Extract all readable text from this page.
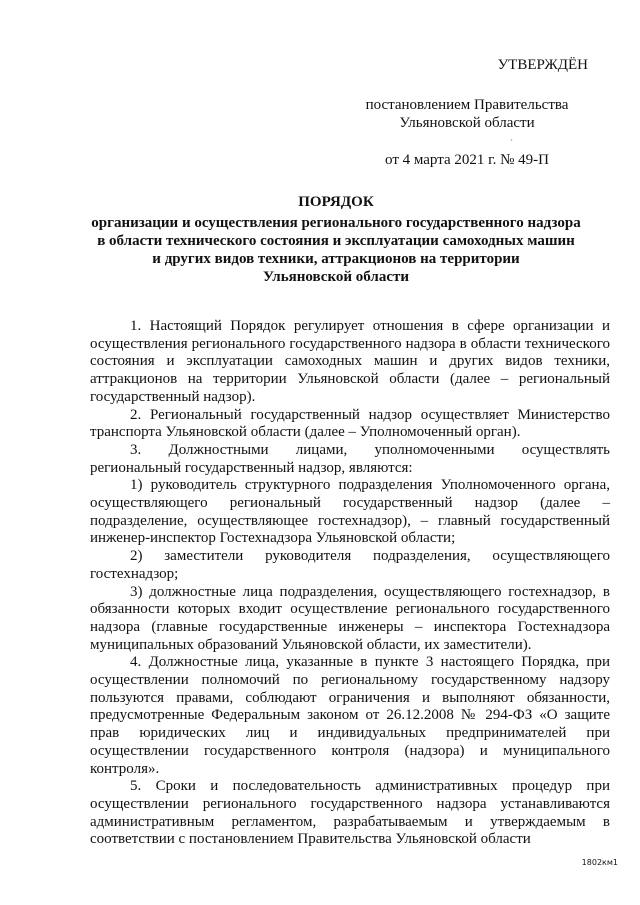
УТВЕРЖДЁН
постановлением Правительства
Ульяновской области
от 4 марта 2021 г. № 49-П
ˏ
ПОРЯДОК
организации и осуществления регионального государственного надзора
в области технического состояния и эксплуатации самоходных машин
и других видов техники, аттракционов на территории
Ульяновской области

1. Настоящий Порядок регулирует отношения в сфере организации и осуществления регионального государственного надзора в области технического состояния и эксплуатации самоходных машин и других видов техники, аттракционов на территории Ульяновской области (далее – региональный государственный надзор).

2. Региональный государственный надзор осуществляет Министерство транспорта Ульяновской области (далее – Уполномоченный орган).

3. Должностными лицами, уполномоченными осуществлять региональный государственный надзор, являются:

1) руководитель структурного подразделения Уполномоченного органа, осуществляющего региональный государственный надзор (далее – подразделение, осуществляющее гостехнадзор), – главный государственный инженер-инспектор Гостехнадзора Ульяновской области;

2) заместители руководителя подразделения, осуществляющего гостехнадзор;

3) должностные лица подразделения, осуществляющего гостехнадзор, в обязанности которых входит осуществление регионального государственного надзора (главные государственные инженеры – инспектора Гостехнадзора муниципальных образований Ульяновской области, их заместители).

4. Должностные лица, указанные в пункте 3 настоящего Порядка, при осуществлении полномочий по региональному государственному надзору пользуются правами, соблюдают ограничения и выполняют обязанности, предусмотренные Федеральным законом от 26.12.2008 № 294-ФЗ «О защите прав юридических лиц и индивидуальных предпринимателей при осуществлении государственного контроля (надзора) и муниципального контроля».

5. Сроки и последовательность административных процедур при осуществлении регионального государственного надзора устанавливаются административным регламентом, разрабатываемым и утверждаемым в соответствии с постановлением Правительства Ульяновской области

1802км1
